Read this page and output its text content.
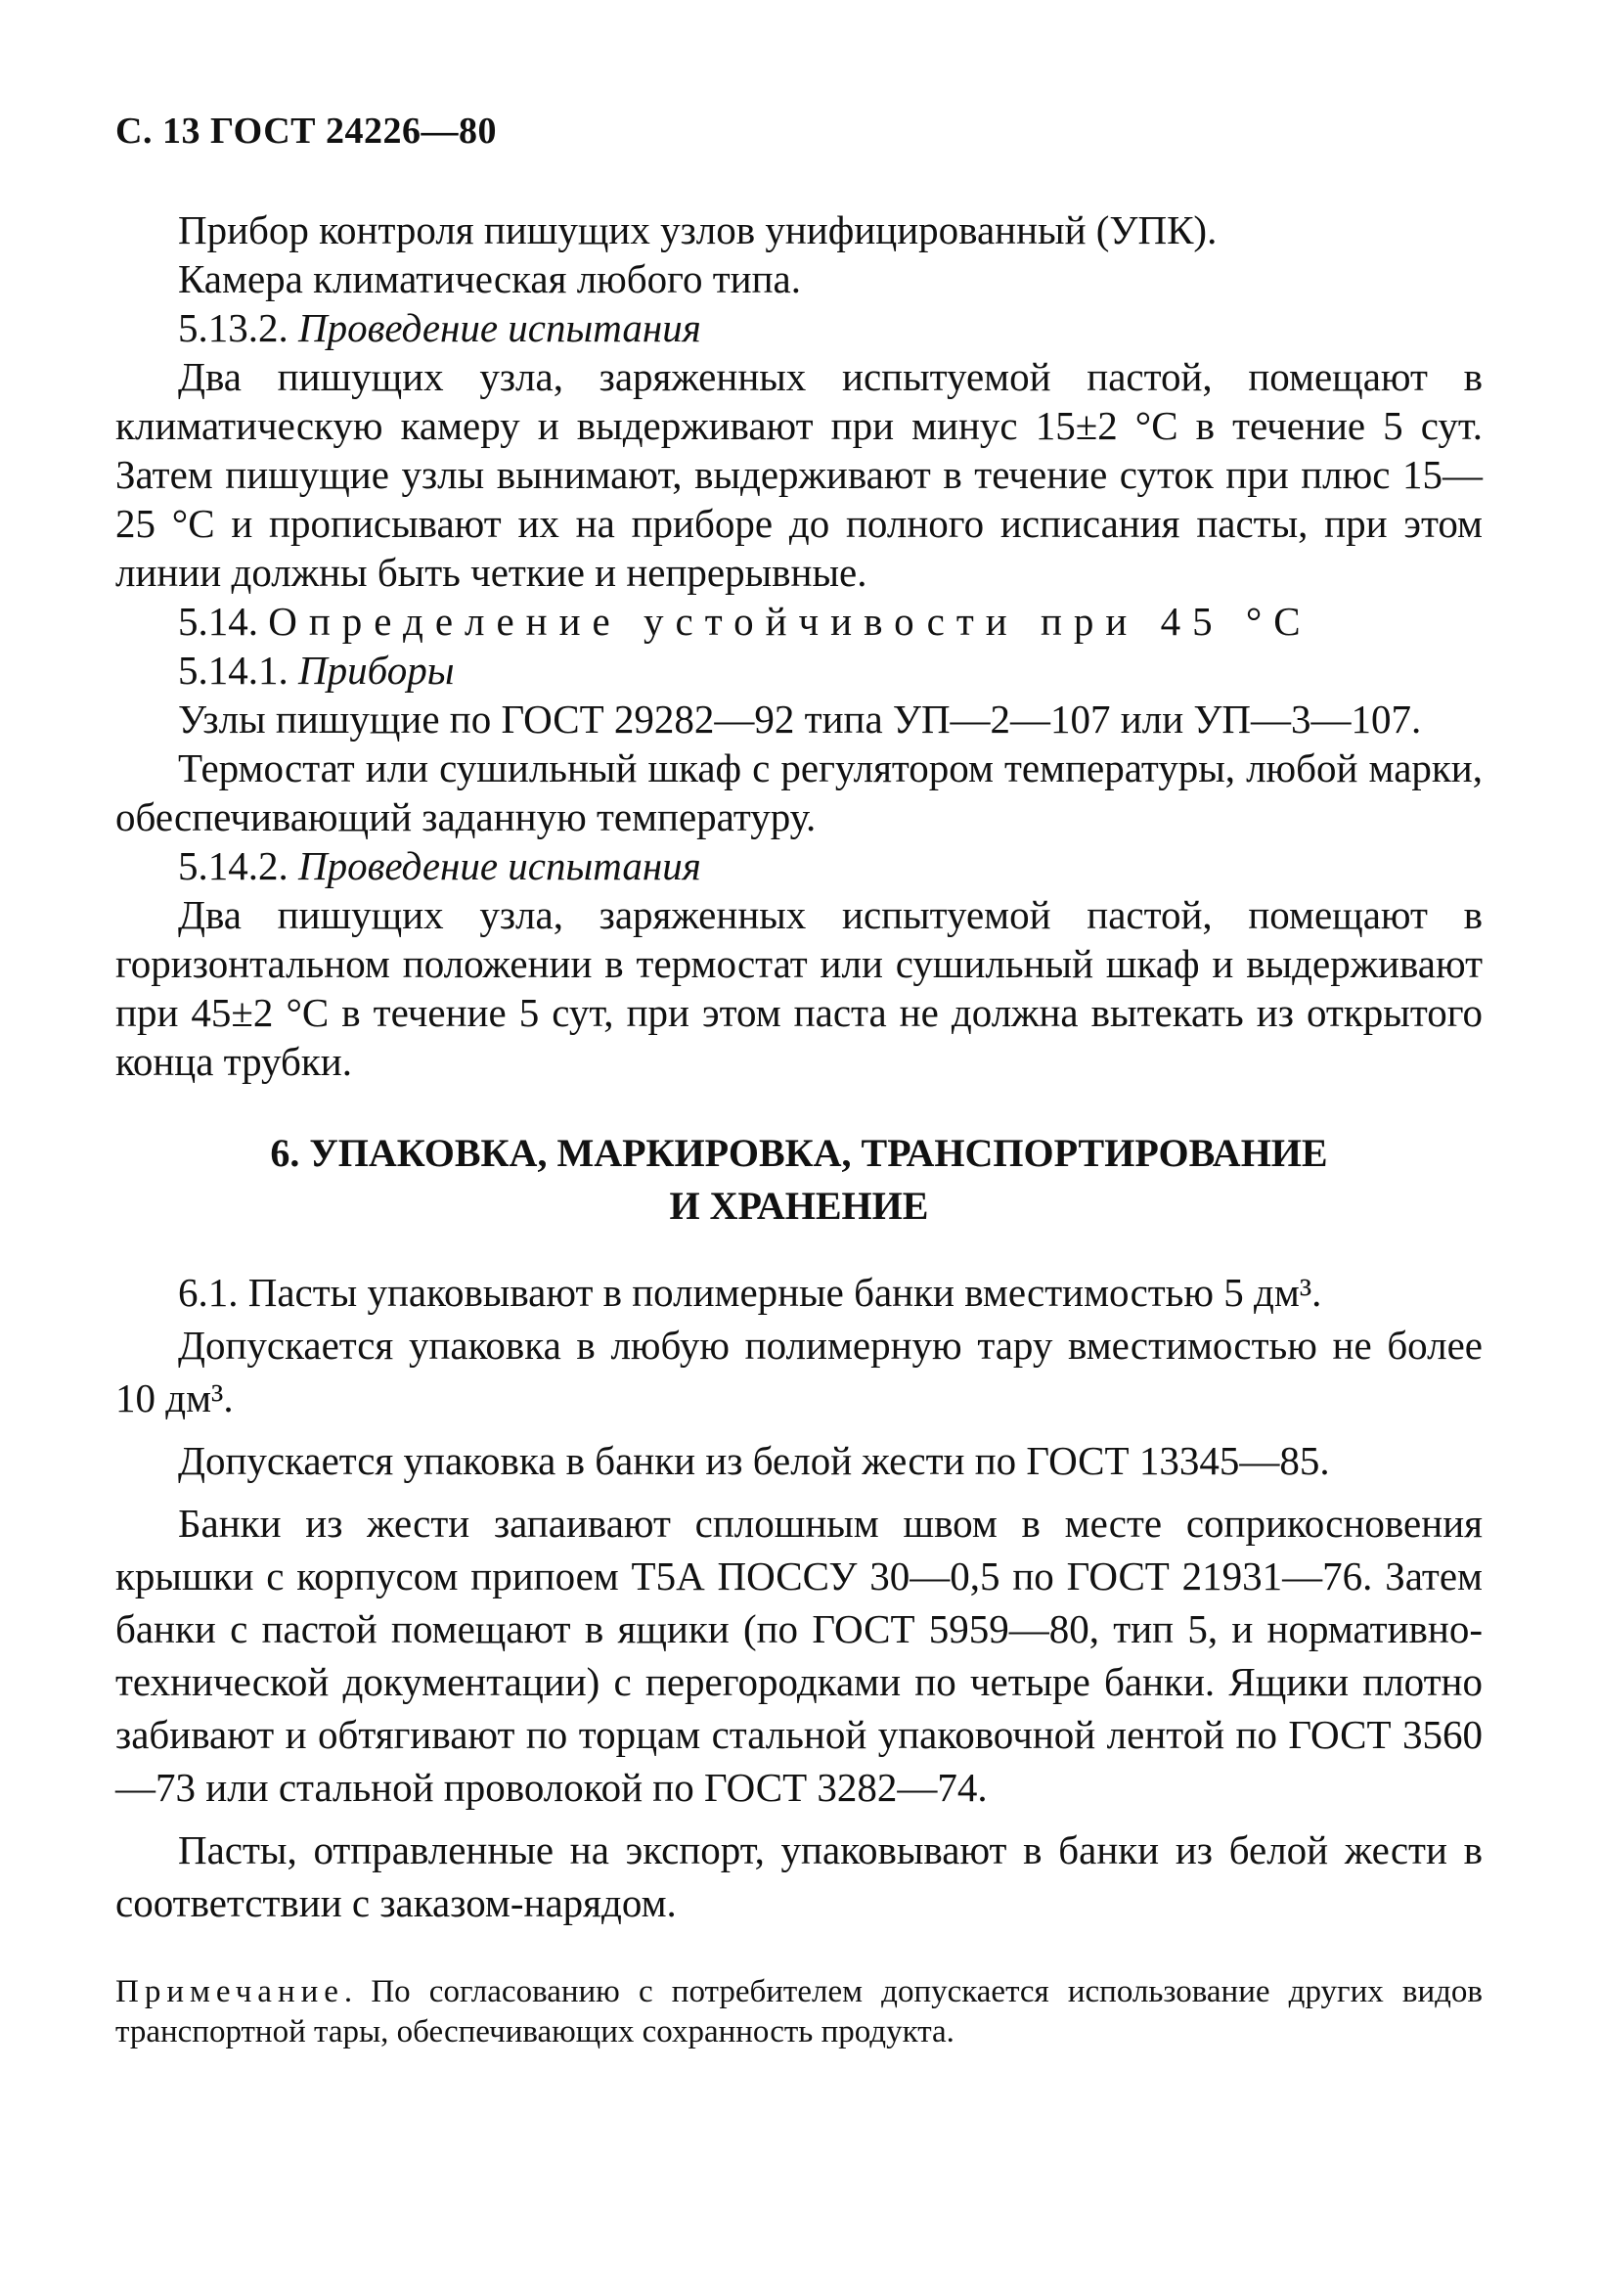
С. 13 ГОСТ 24226—80

Прибор контроля пишущих узлов унифицированный (УПК).

Камера климатическая любого типа.

5.13.2. Проведение испытания

Два пишущих узла, заряженных испытуемой пастой, помещают в климатическую камеру и выдерживают при минус 15±2 °С в течение 5 сут. Затем пишущие узлы вынимают, выдерживают в течение суток при плюс 15—25 °С и прописывают их на приборе до полного исписания пасты, при этом линии должны быть четкие и непрерывные.

5.14. Определение устойчивости при 45 °С

5.14.1. Приборы

Узлы пишущие по ГОСТ 29282—92 типа УП—2—107 или УП—3—107.

Термостат или сушильный шкаф с регулятором температуры, любой марки, обеспечивающий заданную температуру.

5.14.2. Проведение испытания

Два пишущих узла, заряженных испытуемой пастой, помещают в горизонтальном положении в термостат или сушильный шкаф и выдерживают при 45±2 °С в течение 5 сут, при этом паста не должна вытекать из открытого конца трубки.

6. УПАКОВКА, МАРКИРОВКА, ТРАНСПОРТИРОВАНИЕ
И ХРАНЕНИЕ

6.1. Пасты упаковывают в полимерные банки вместимостью 5 дм³.

Допускается упаковка в любую полимерную тару вместимостью не более 10 дм³.

Допускается упаковка в банки из белой жести по ГОСТ 13345—85.

Банки из жести запаивают сплошным швом в месте соприкосновения крышки с корпусом припоем Т5А ПОССУ 30—0,5 по ГОСТ 21931—76. Затем банки с пастой помещают в ящики (по ГОСТ 5959—80, тип 5, и нормативно-технической документации) с перегородками по четыре банки. Ящики плотно забивают и обтягивают по торцам стальной упаковочной лентой по ГОСТ 3560—73 или стальной проволокой по ГОСТ 3282—74.

Пасты, отправленные на экспорт, упаковывают в банки из белой жести в соответствии с заказом-нарядом.

Примечание. По согласованию с потребителем допускается использование других видов транспортной тары, обеспечивающих сохранность продукта.
